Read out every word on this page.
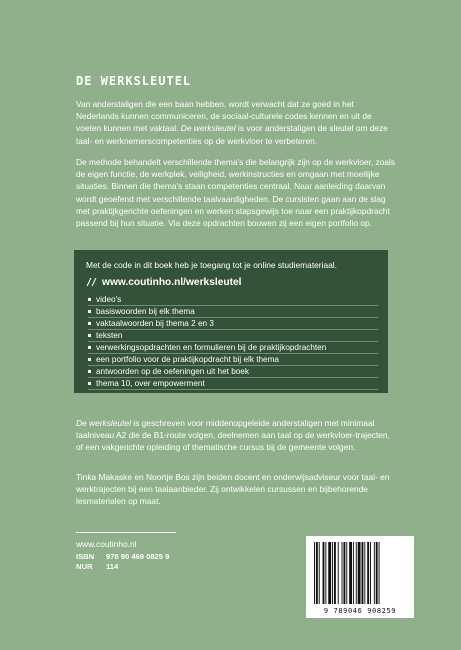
DE WERKSLEUTEL
Van anderstaligen die een baan hebben, wordt verwacht dat ze goed in het Nederlands kunnen communiceren, de sociaal-culturele codes kennen en uit de voeten kunnen met vaktaal. De werksleutel is voor anderstaligen de sleutel om deze taal- en werknemerscompetenties op de werkvloer te verbeteren.
De methode behandelt verschillende thema's die belangrijk zijn op de werkvloer, zoals de eigen functie, de werkplek, veiligheid, werkinstructies en omgaan met moeilijke situaties. Binnen die thema's staan competenties centraal. Naar aanleiding daarvan wordt geoefend met verschillende taalvaardigheden. De cursisten gaan aan de slag met praktijkgerichte oefeningen en werken stapsgewijs toe naar een praktijkopdracht passend bij hun situatie. Via deze opdrachten bouwen zij een eigen portfolio op.
Met de code in dit boek heb je toegang tot je online studiemateriaal.
// www.coutinho.nl/werksleutel
video's
basiswoorden bij elk thema
vaktaalwoorden bij thema 2 en 3
teksten
verwerkingsopdrachten en formulieren bij de praktijkopdrachten
een portfolio voor de praktijkopdracht bij elk thema
antwoorden op de oefeningen uit het boek
thema 10, over empowerment
De werksleutel is geschreven voor middenopgeleide anderstaligen met minimaal taalniveau A2 die de B1-route volgen, deelnemen aan taal op de werkvloer-trajecten, of een vakgerichte opleiding of thematische cursus bij de gemeente volgen.
Tinka Makaske en Noortje Bos zijn beiden docent en onderwijsadviseur voor taal- en werktrajecten bij een taalaanbieder. Zij ontwikkelen cursussen en bijbehorende lesmaterialen op maat.
www.coutinho.nl
ISBN	978 90 469 0825 9
NUR	114
9 789046 908259
